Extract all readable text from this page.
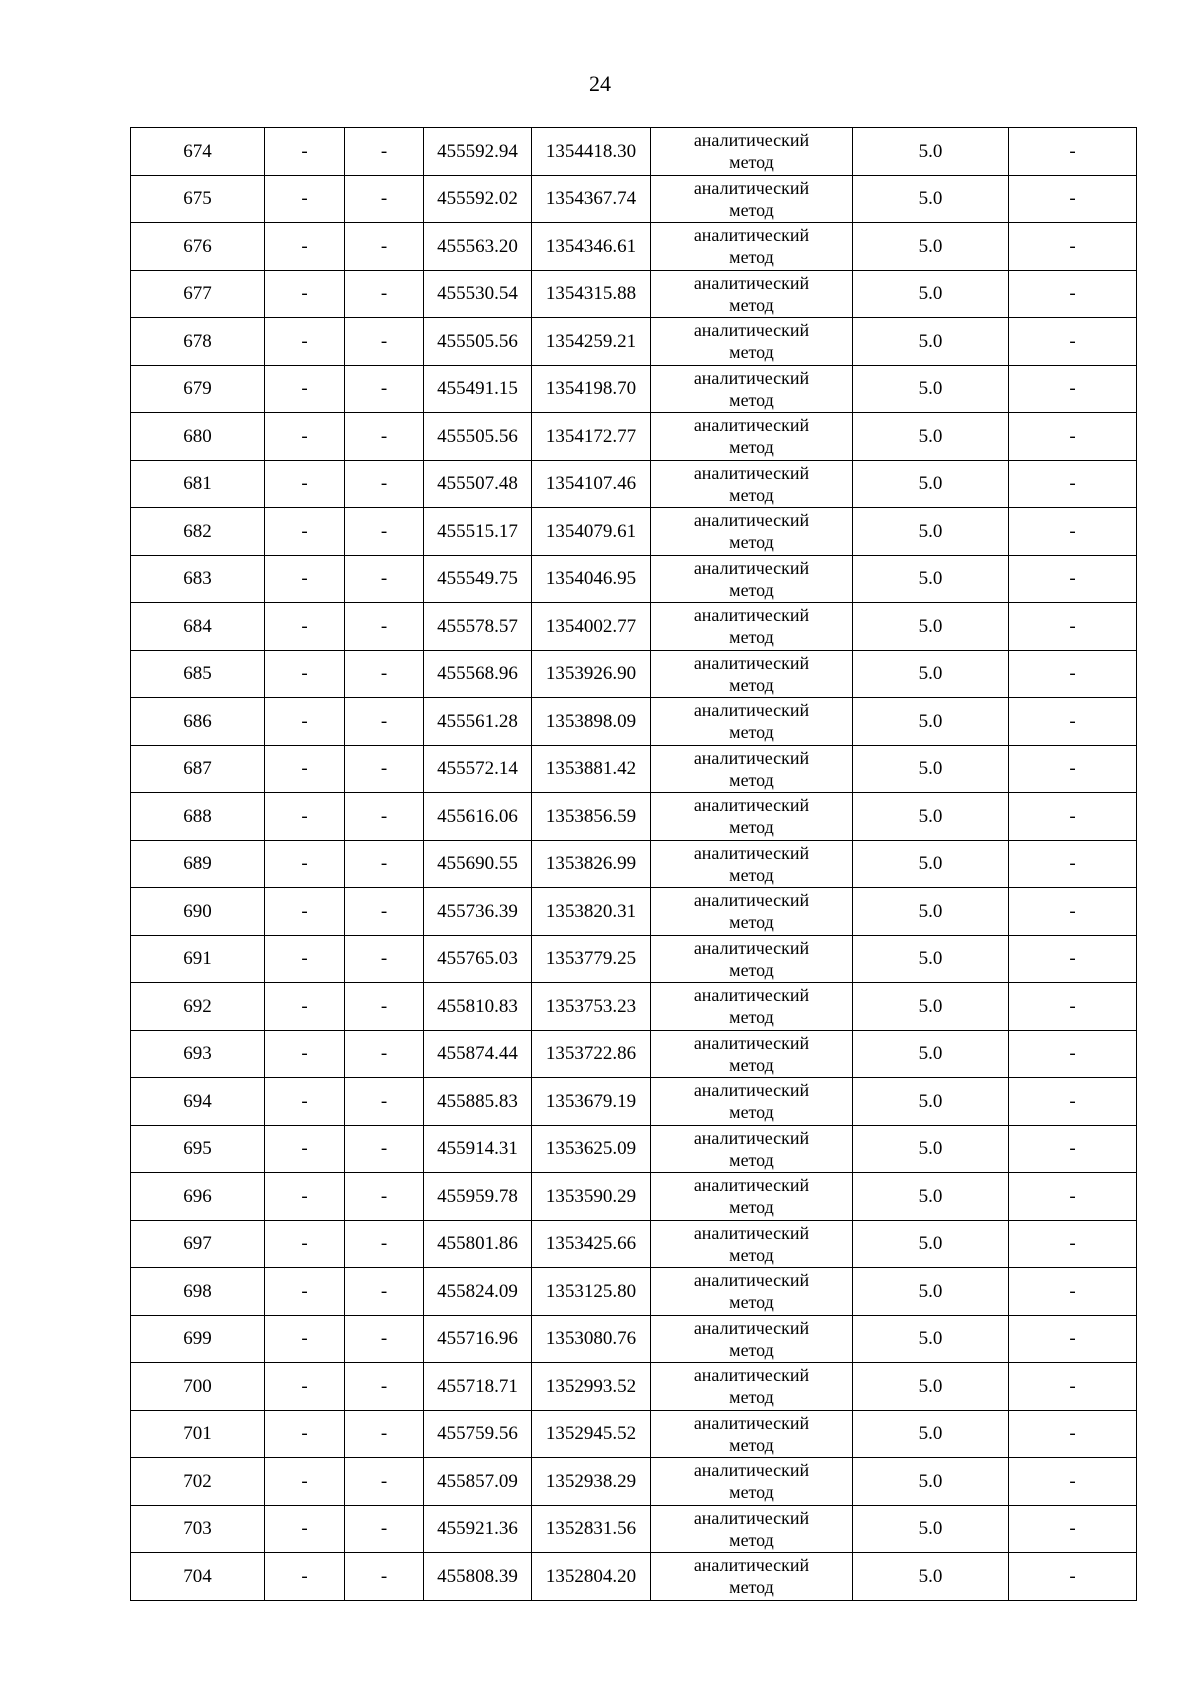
24
674	-	-	455592.94	1354418.30	аналитический
метод	5.0	-
675	-	-	455592.02	1354367.74	аналитический
метод	5.0	-
676	-	-	455563.20	1354346.61	аналитический
метод	5.0	-
677	-	-	455530.54	1354315.88	аналитический
метод	5.0	-
678	-	-	455505.56	1354259.21	аналитический
метод	5.0	-
679	-	-	455491.15	1354198.70	аналитический
метод	5.0	-
680	-	-	455505.56	1354172.77	аналитический
метод	5.0	-
681	-	-	455507.48	1354107.46	аналитический
метод	5.0	-
682	-	-	455515.17	1354079.61	аналитический
метод	5.0	-
683	-	-	455549.75	1354046.95	аналитический
метод	5.0	-
684	-	-	455578.57	1354002.77	аналитический
метод	5.0	-
685	-	-	455568.96	1353926.90	аналитический
метод	5.0	-
686	-	-	455561.28	1353898.09	аналитический
метод	5.0	-
687	-	-	455572.14	1353881.42	аналитический
метод	5.0	-
688	-	-	455616.06	1353856.59	аналитический
метод	5.0	-
689	-	-	455690.55	1353826.99	аналитический
метод	5.0	-
690	-	-	455736.39	1353820.31	аналитический
метод	5.0	-
691	-	-	455765.03	1353779.25	аналитический
метод	5.0	-
692	-	-	455810.83	1353753.23	аналитический
метод	5.0	-
693	-	-	455874.44	1353722.86	аналитический
метод	5.0	-
694	-	-	455885.83	1353679.19	аналитический
метод	5.0	-
695	-	-	455914.31	1353625.09	аналитический
метод	5.0	-
696	-	-	455959.78	1353590.29	аналитический
метод	5.0	-
697	-	-	455801.86	1353425.66	аналитический
метод	5.0	-
698	-	-	455824.09	1353125.80	аналитический
метод	5.0	-
699	-	-	455716.96	1353080.76	аналитический
метод	5.0	-
700	-	-	455718.71	1352993.52	аналитический
метод	5.0	-
701	-	-	455759.56	1352945.52	аналитический
метод	5.0	-
702	-	-	455857.09	1352938.29	аналитический
метод	5.0	-
703	-	-	455921.36	1352831.56	аналитический
метод	5.0	-
704	-	-	455808.39	1352804.20	аналитический
метод	5.0	-
